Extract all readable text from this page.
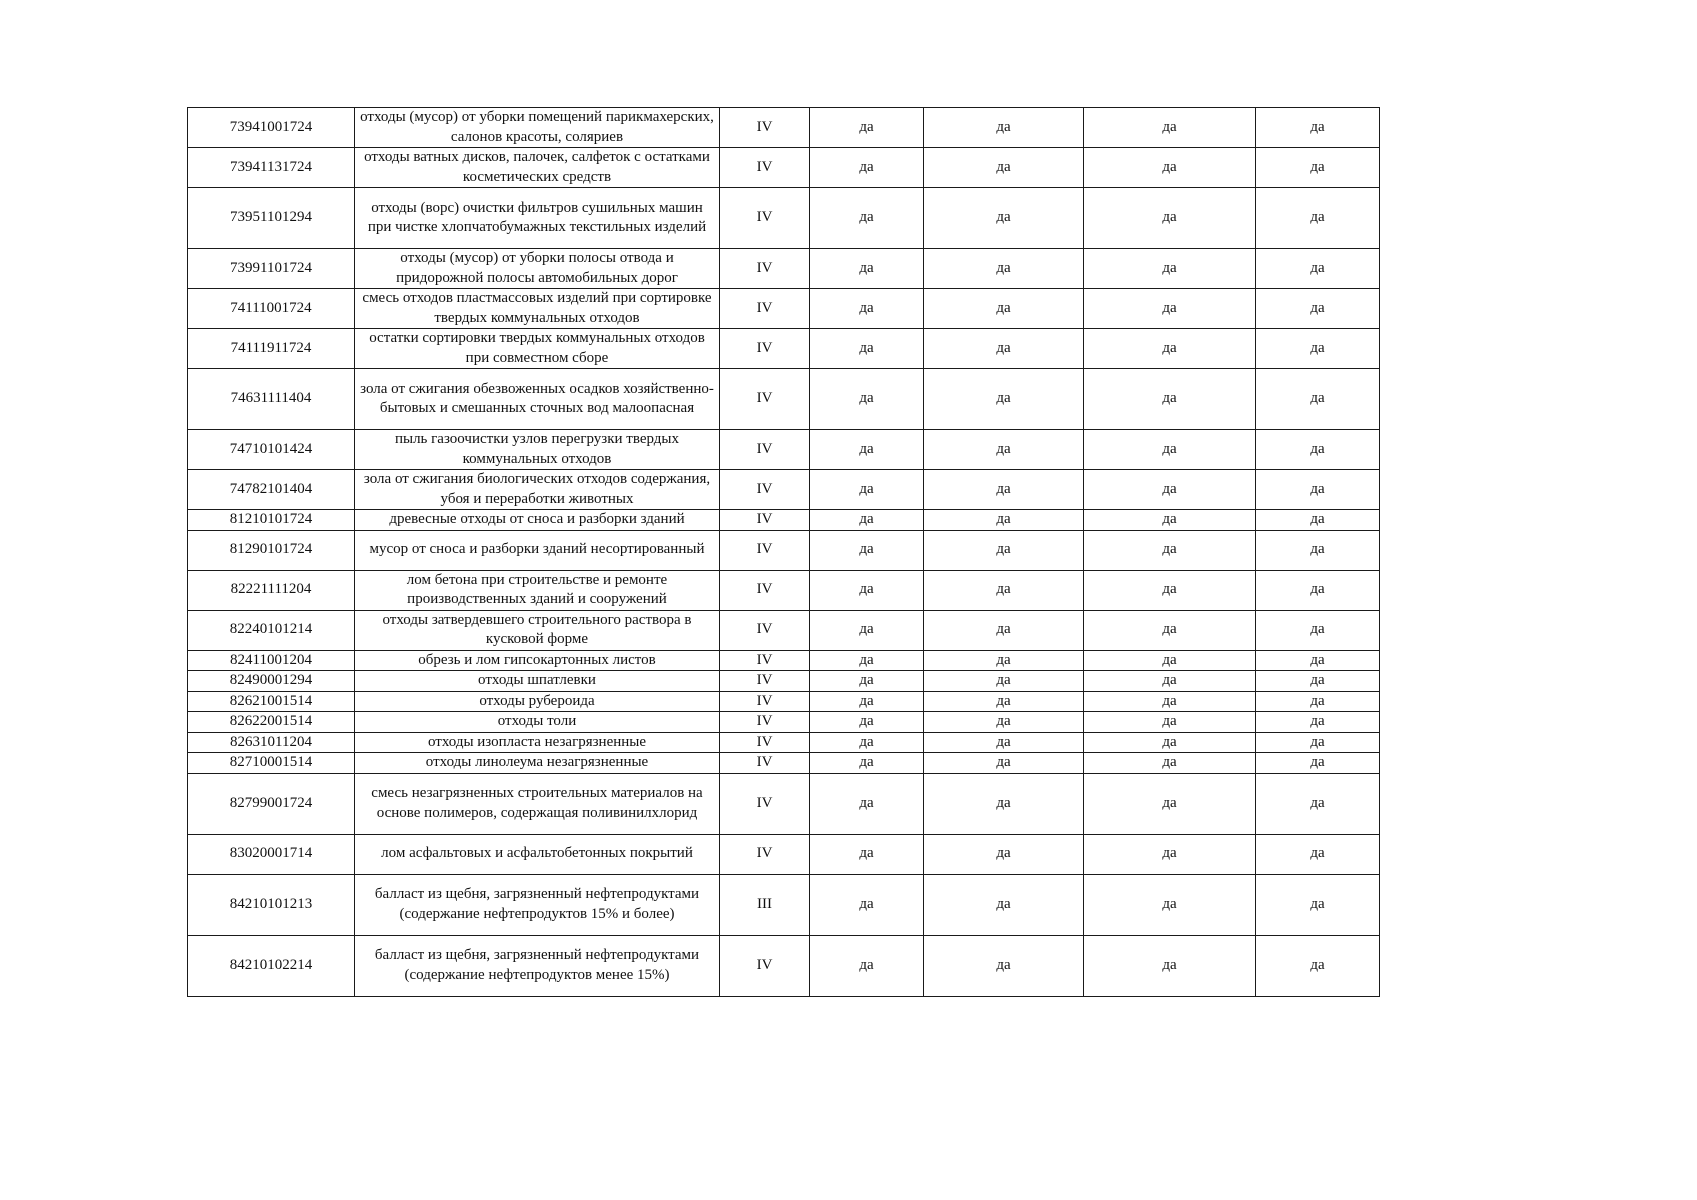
73941001724	отходы (мусор) от уборки помещений парикмахерских, салонов красоты, соляриев	IV	да	да	да	да
73941131724	отходы ватных дисков, палочек, салфеток с остатками косметических средств	IV	да	да	да	да
73951101294	отходы (ворс) очистки фильтров сушильных машин при чистке хлопчатобумажных текстильных изделий	IV	да	да	да	да
73991101724	отходы (мусор) от уборки полосы отвода и придорожной полосы автомобильных дорог	IV	да	да	да	да
74111001724	смесь отходов пластмассовых изделий при сортировке твердых коммунальных отходов	IV	да	да	да	да
74111911724	остатки сортировки твердых коммунальных отходов при совместном сборе	IV	да	да	да	да
74631111404	зола от сжигания обезвоженных осадков хозяйственно-бытовых и смешанных сточных вод малоопасная	IV	да	да	да	да
74710101424	пыль газоочистки узлов перегрузки твердых коммунальных отходов	IV	да	да	да	да
74782101404	зола от сжигания биологических отходов содержания, убоя и переработки животных	IV	да	да	да	да
81210101724	древесные отходы от сноса и разборки зданий	IV	да	да	да	да
81290101724	мусор от сноса и разборки зданий несортированный	IV	да	да	да	да
82221111204	лом бетона при строительстве и ремонте производственных зданий и сооружений	IV	да	да	да	да
82240101214	отходы затвердевшего строительного раствора в кусковой форме	IV	да	да	да	да
82411001204	обрезь и лом гипсокартонных листов	IV	да	да	да	да
82490001294	отходы шпатлевки	IV	да	да	да	да
82621001514	отходы рубероида	IV	да	да	да	да
82622001514	отходы толи	IV	да	да	да	да
82631011204	отходы изопласта незагрязненные	IV	да	да	да	да
82710001514	отходы линолеума незагрязненные	IV	да	да	да	да
82799001724	смесь незагрязненных строительных материалов на основе полимеров, содержащая поливинилхлорид	IV	да	да	да	да
83020001714	лом асфальтовых и асфальтобетонных покрытий	IV	да	да	да	да
84210101213	балласт из щебня, загрязненный нефтепродуктами (содержание нефтепродуктов 15% и более)	III	да	да	да	да
84210102214	балласт из щебня, загрязненный нефтепродуктами (содержание нефтепродуктов менее 15%)	IV	да	да	да	да
